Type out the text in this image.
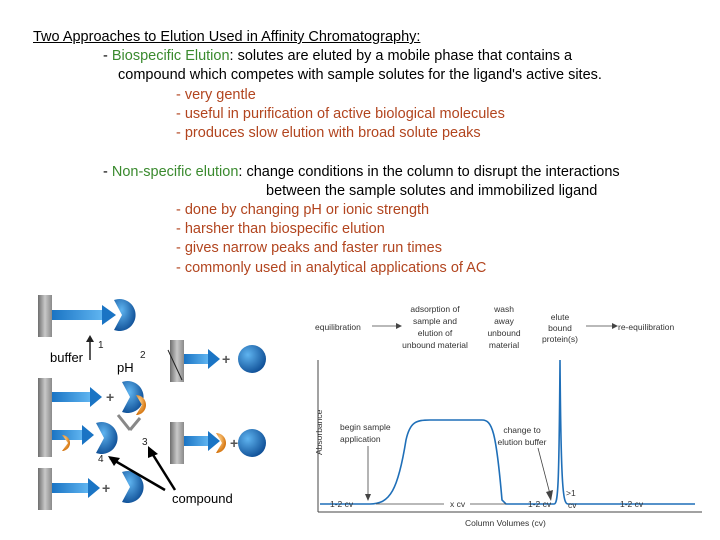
Two Approaches to Elution Used in Affinity Chromatography:
- Biospecific Elution: solutes are eluted by a mobile phase that contains a
compound which competes with sample solutes for the ligand's active sites.
- very gentle
- useful in purification of active biological molecules
- produces slow elution with broad solute peaks
- Non-specific elution: change conditions in the column to disrupt the interactions
between the sample solutes and immobilized ligand
- done by changing pH or ionic strength
- harsher than biospecific elution
- gives narrow peaks and faster run times
- commonly used in analytical applications of AC
1
+
+
2
3	+
4
+
buffer
pH
compound
Absorbance
Column Volumes (cv)
equilibration
adsorption of
sample and
elution of
unbound material
wash
away
unbound
material
elute
bound
protein(s)
re-equilibration
begin sample
application
change to
elution buffer
1-2 cv	x cv	1-2 cv
>1
cv	1-2 cv
